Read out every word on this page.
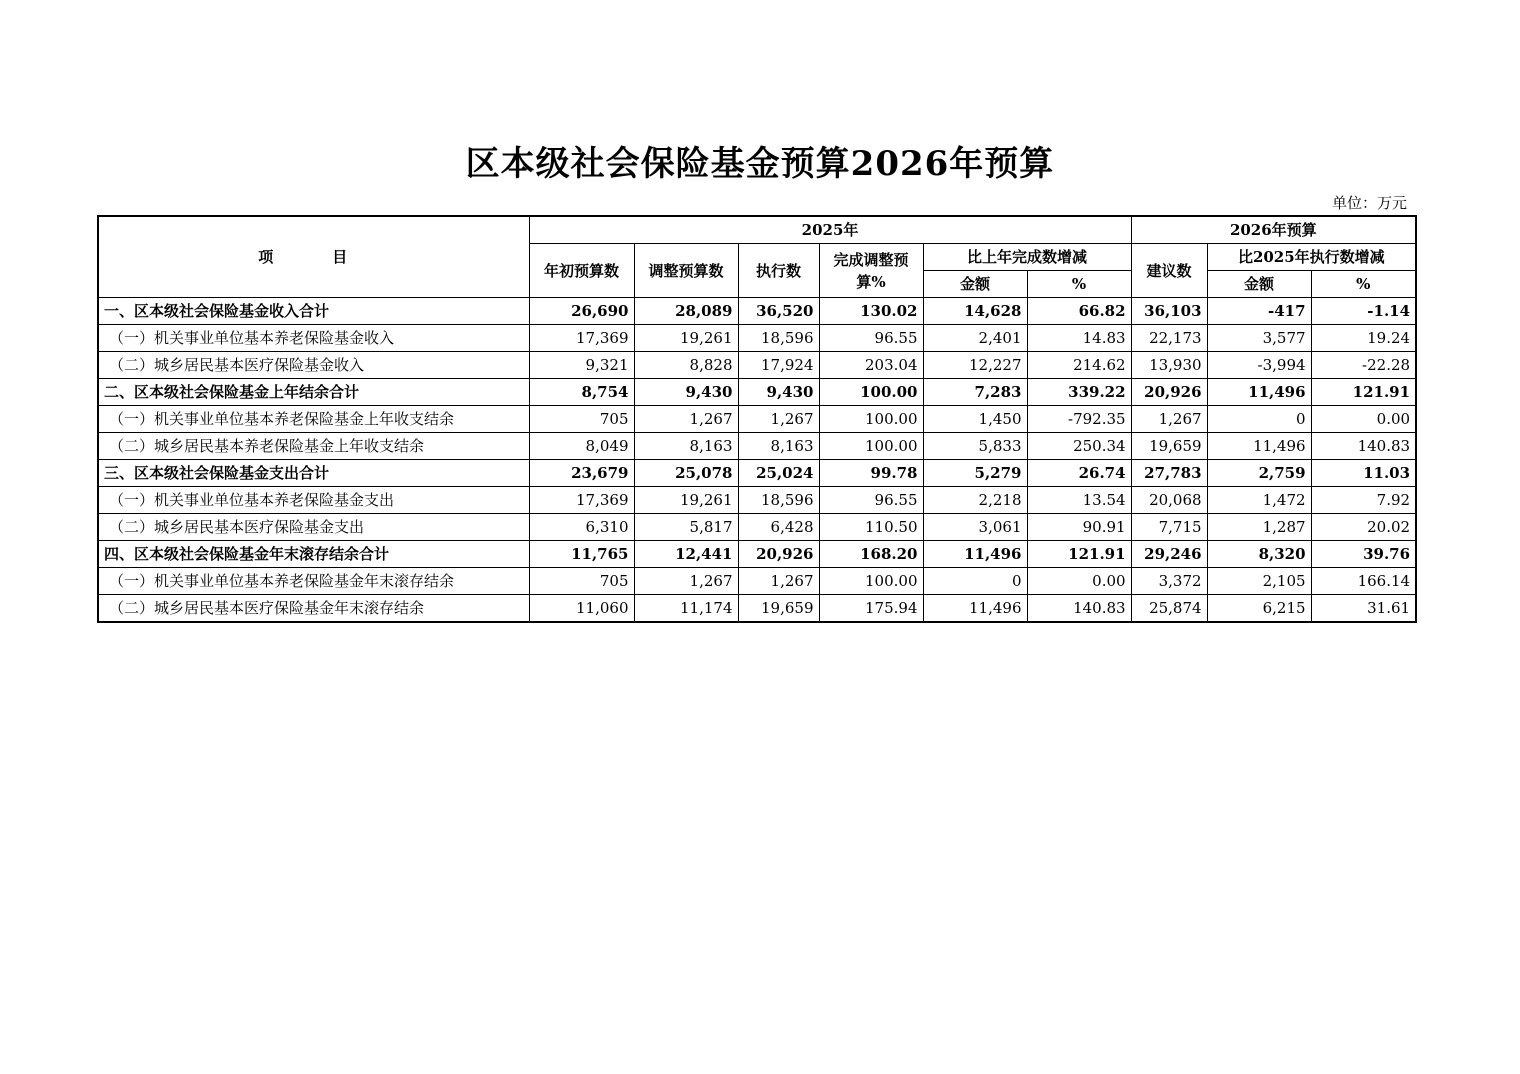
区本级社会保险基金预算2026年预算
单位：万元
项　目	2025年						2026年预算		
	年初预算数	调整预算数	执行数	完成调整预算%	比上年完成数增减		建议数	比2025年执行数增减	
					金额	%		金额	%
一、区本级社会保险基金收入合计	26,690	28,089	36,520	130.02	14,628	66.82	36,103	-417	-1.14
（一）机关事业单位基本养老保险基金收入	17,369	19,261	18,596	96.55	2,401	14.83	22,173	3,577	19.24
（二）城乡居民基本医疗保险基金收入	9,321	8,828	17,924	203.04	12,227	214.62	13,930	-3,994	-22.28
二、区本级社会保险基金上年结余合计	8,754	9,430	9,430	100.00	7,283	339.22	20,926	11,496	121.91
（一）机关事业单位基本养老保险基金上年收支结余	705	1,267	1,267	100.00	1,450	-792.35	1,267	0	0.00
（二）城乡居民基本养老保险基金上年收支结余	8,049	8,163	8,163	100.00	5,833	250.34	19,659	11,496	140.83
三、区本级社会保险基金支出合计	23,679	25,078	25,024	99.78	5,279	26.74	27,783	2,759	11.03
（一）机关事业单位基本养老保险基金支出	17,369	19,261	18,596	96.55	2,218	13.54	20,068	1,472	7.92
（二）城乡居民基本医疗保险基金支出	6,310	5,817	6,428	110.50	3,061	90.91	7,715	1,287	20.02
四、区本级社会保险基金年末滚存结余合计	11,765	12,441	20,926	168.20	11,496	121.91	29,246	8,320	39.76
（一）机关事业单位基本养老保险基金年末滚存结余	705	1,267	1,267	100.00	0	0.00	3,372	2,105	166.14
（二）城乡居民基本医疗保险基金年末滚存结余	11,060	11,174	19,659	175.94	11,496	140.83	25,874	6,215	31.61
